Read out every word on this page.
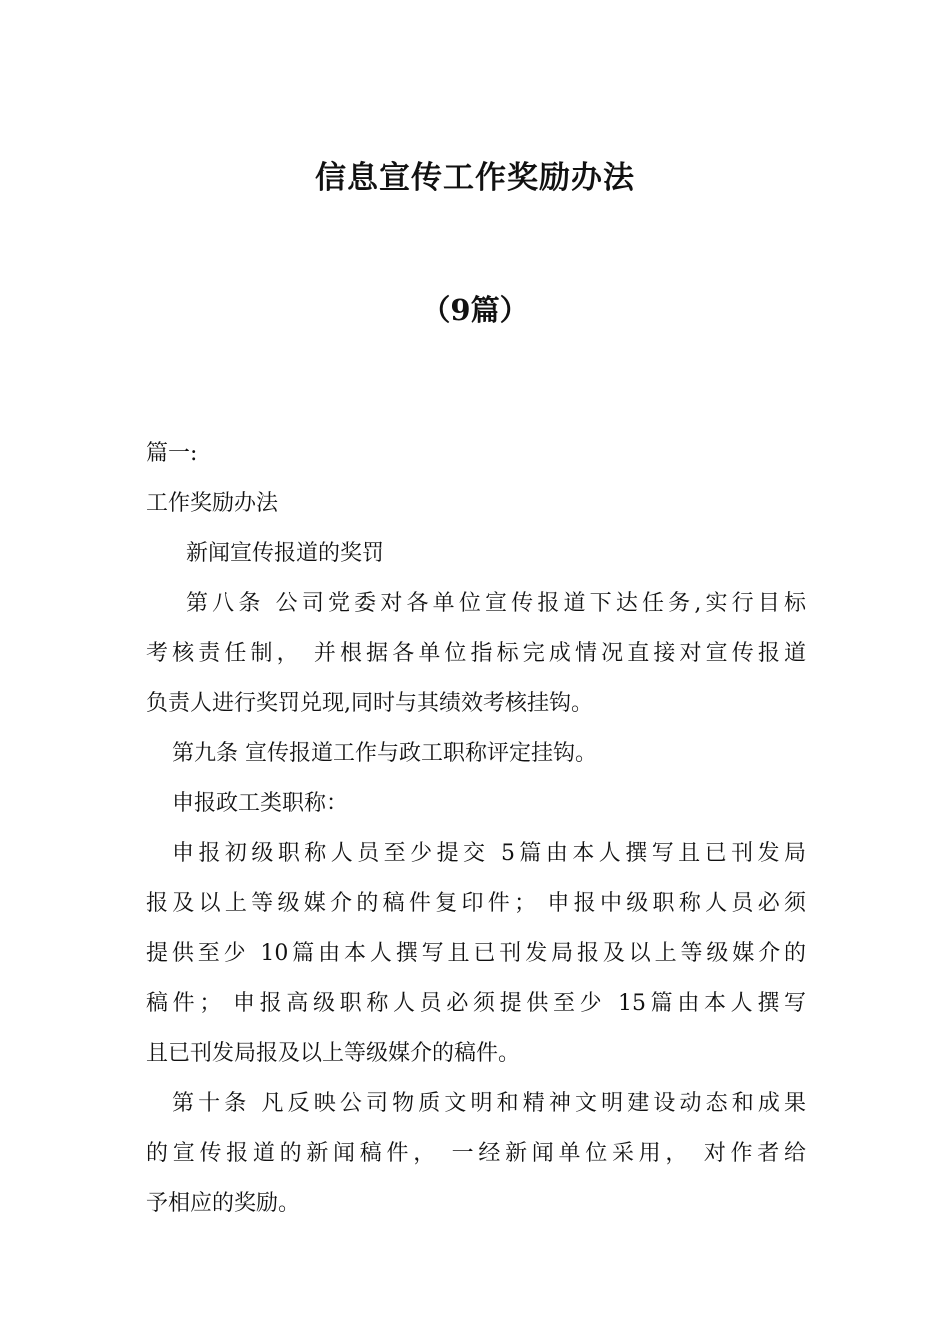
信息宣传工作奖励办法
（9篇）
篇一:
工作奖励办法
新闻宣传报道的奖罚
第八条 公司党委对各单位宣传报道下达任务,实行目标
考核责任制， 并根据各单位指标完成情况直接对宣传报道
负责人进行奖罚兑现,同时与其绩效考核挂钩。
第九条 宣传报道工作与政工职称评定挂钩。
申报政工类职称：
申报初级职称人员至少提交 5篇由本人撰写且已刊发局
报及以上等级媒介的稿件复印件； 申报中级职称人员必须
提供至少 10篇由本人撰写且已刊发局报及以上等级媒介的
稿件； 申报高级职称人员必须提供至少 15篇由本人撰写
且已刊发局报及以上等级媒介的稿件。
第十条 凡反映公司物质文明和精神文明建设动态和成果
的宣传报道的新闻稿件， 一经新闻单位采用， 对作者给
予相应的奖励。
